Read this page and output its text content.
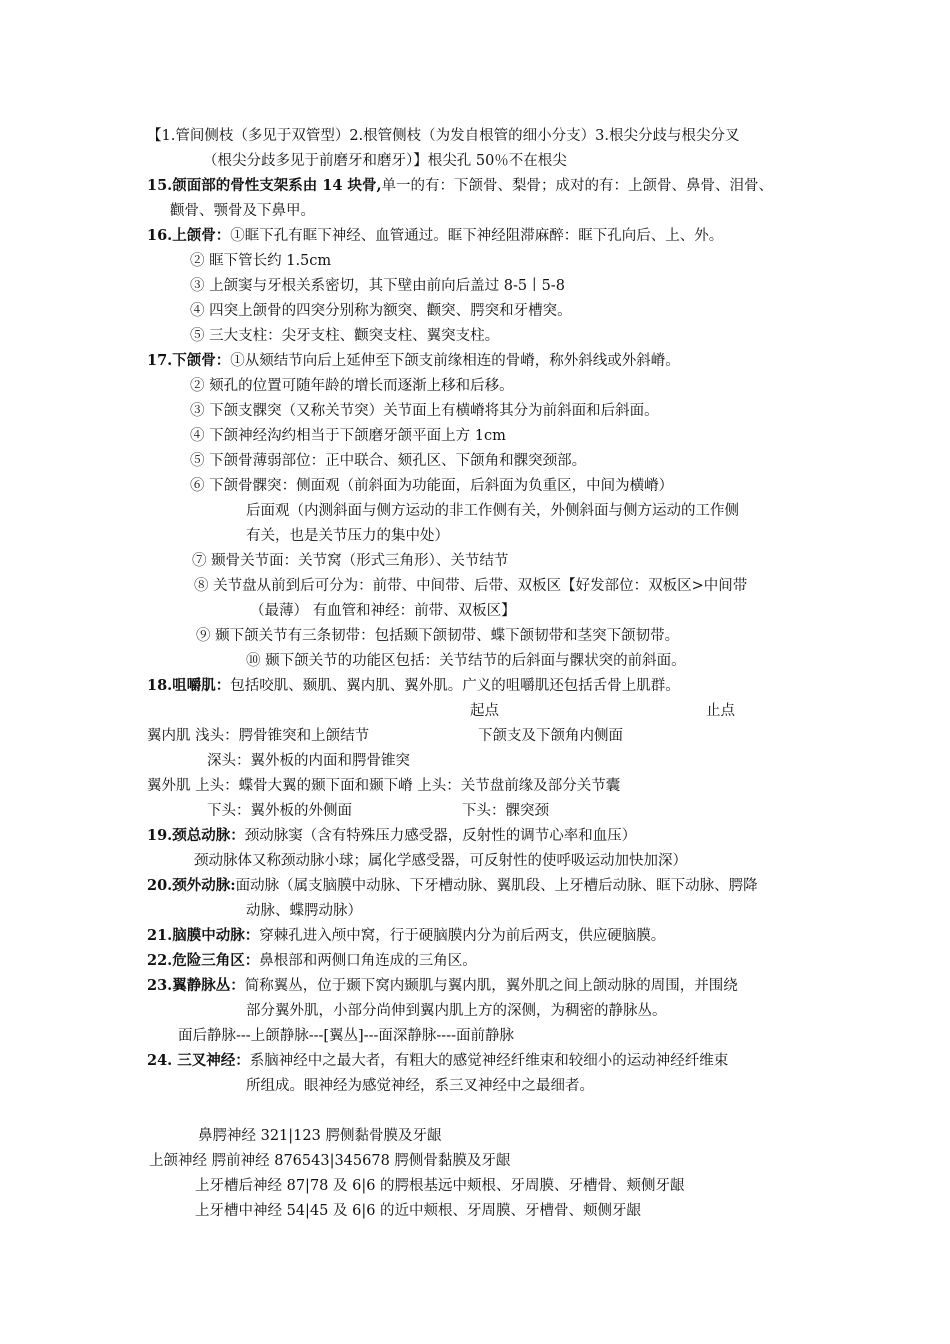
【1.管间侧枝（多见于双管型）2.根管侧枝（为发自根管的细小分支）3.根尖分歧与根尖分叉
（根尖分歧多见于前磨牙和磨牙）】根尖孔 50％不在根尖
15.颌面部的骨性支架系由 14 块骨,单一的有：下颌骨、梨骨；成对的有：上颌骨、鼻骨、泪骨、
颧骨、颚骨及下鼻甲。
16.上颌骨：①眶下孔有眶下神经、血管通过。眶下神经阻滞麻醉：眶下孔向后、上、外。
② 眶下管长约 1.5cm
③ 上颌窦与牙根关系密切，其下壁由前向后盖过 8-5丨5-8
④ 四突上颌骨的四突分别称为额突、颧突、腭突和牙槽突。
⑤ 三大支柱：尖牙支柱、颧突支柱、翼突支柱。
17.下颌骨：①从颏结节向后上延伸至下颌支前缘相连的骨嵴，称外斜线或外斜嵴。
② 颏孔的位置可随年龄的增长而逐渐上移和后移。
③ 下颌支髁突（又称关节突）关节面上有横嵴将其分为前斜面和后斜面。
④ 下颌神经沟约相当于下颌磨牙颌平面上方 1cm
⑤ 下颌骨薄弱部位：正中联合、颏孔区、下颌角和髁突颈部。
⑥ 下颌骨髁突：侧面观（前斜面为功能面，后斜面为负重区，中间为横嵴）
后面观（内测斜面与侧方运动的非工作侧有关，外侧斜面与侧方运动的工作侧
有关，也是关节压力的集中处）
⑦ 颞骨关节面：关节窝（形式三角形）、关节结节
⑧ 关节盘从前到后可分为：前带、中间带、后带、双板区【好发部位：双板区>中间带
（最薄） 有血管和神经：前带、双板区】
⑨ 颞下颌关节有三条韧带：包括颞下颌韧带、蝶下颌韧带和茎突下颌韧带。
⑩ 颞下颌关节的功能区包括：关节结节的后斜面与髁状突的前斜面。
18.咀嚼肌：包括咬肌、颞肌、翼内肌、翼外肌。广义的咀嚼肌还包括舌骨上肌群。
起点	止点
翼内肌 浅头：腭骨锥突和上颌结节	下颌支及下颌角内侧面
深头：翼外板的内面和腭骨锥突
翼外肌 上头：蝶骨大翼的颞下面和颞下嵴 上头：关节盘前缘及部分关节囊
下头：翼外板的外侧面	下头：髁突颈
19.颈总动脉：颈动脉窦（含有特殊压力感受器，反射性的调节心率和血压）
颈动脉体又称颈动脉小球；属化学感受器，可反射性的使呼吸运动加快加深）
20.颈外动脉:面动脉（属支脑膜中动脉、下牙槽动脉、翼肌段、上牙槽后动脉、眶下动脉、腭降
动脉、蝶腭动脉）
21.脑膜中动脉：穿棘孔进入颅中窝，行于硬脑膜内分为前后两支，供应硬脑膜。
22.危险三角区：鼻根部和两侧口角连成的三角区。
23.翼静脉丛：简称翼丛，位于颞下窝内颞肌与翼内肌，翼外肌之间上颌动脉的周围，并围绕
部分翼外肌，小部分尚伸到翼内肌上方的深侧，为稠密的静脉丛。
面后静脉---上颌静脉---[翼丛]---面深静脉----面前静脉
24. 三叉神经：系脑神经中之最大者，有粗大的感觉神经纤维束和较细小的运动神经纤维束
所组成。眼神经为感觉神经，系三叉神经中之最细者。
鼻腭神经 321|123 腭侧黏骨膜及牙龈
上颌神经 腭前神经 876543|345678 腭侧骨黏膜及牙龈
上牙槽后神经 87|78 及 6|6 的腭根基远中颊根、牙周膜、牙槽骨、颊侧牙龈
上牙槽中神经 54|45 及 6|6 的近中颊根、牙周膜、牙槽骨、颊侧牙龈
